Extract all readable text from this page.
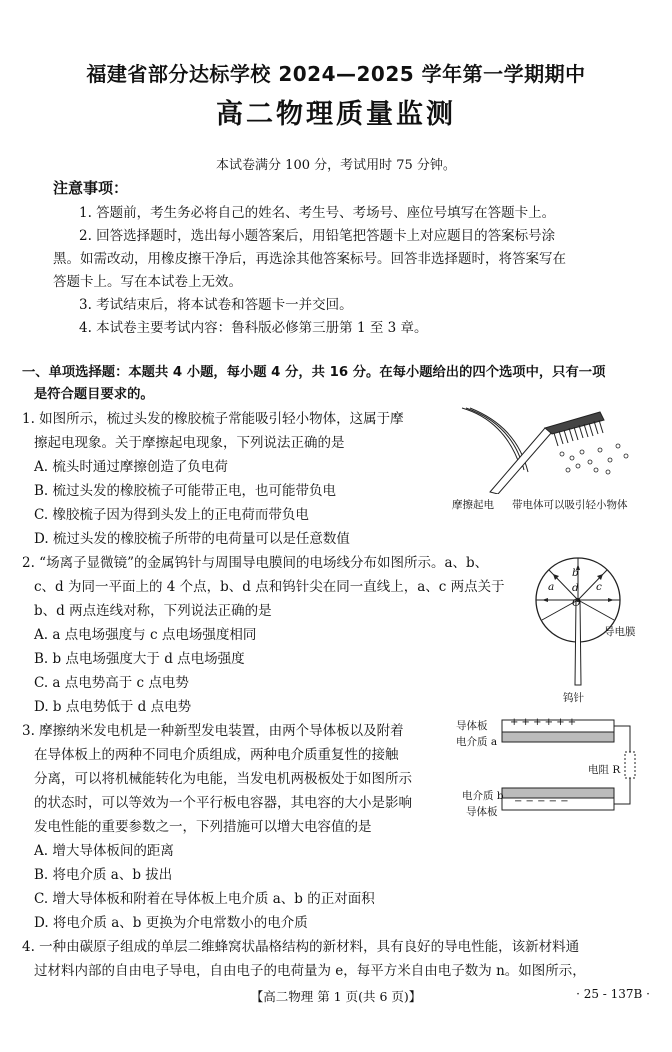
福建省部分达标学校 2024—2025 学年第一学期期中
高二物理质量监测
本试卷满分 100 分，考试用时 75 分钟。
注意事项：
1. 答题前，考生务必将自己的姓名、考生号、考场号、座位号填写在答题卡上。
2. 回答选择题时，选出每小题答案后，用铅笔把答题卡上对应题目的答案标号涂
黑。如需改动，用橡皮擦干净后，再选涂其他答案标号。回答非选择题时，将答案写在
答题卡上。写在本试卷上无效。
3. 考试结束后，将本试卷和答题卡一并交回。
4. 本试卷主要考试内容：鲁科版必修第三册第 1 至 3 章。
一、单项选择题：本题共 4 小题，每小题 4 分，共 16 分。在每小题给出的四个选项中，只有一项
是符合题目要求的。
1. 如图所示，梳过头发的橡胶梳子常能吸引轻小物体，这属于摩
擦起电现象。关于摩擦起电现象，下列说法正确的是
A. 梳头时通过摩擦创造了负电荷
B. 梳过头发的橡胶梳子可能带正电，也可能带负电
C. 橡胶梳子因为得到头发上的正电荷而带负电
D. 梳过头发的橡胶梳子所带的电荷量可以是任意数值
摩擦起电 带电体可以吸引轻小物体
2. “场离子显微镜”的金属钨针与周围导电膜间的电场线分布如图所示。a、b、
c、d 为同一平面上的 4 个点，b、d 点和钨针尖在同一直线上，a、c 两点关于
b、d 两点连线对称，下列说法正确的是
A. a 点电场强度与 c 点电场强度相同
B. b 点电场强度大于 d 点电场强度
C. a 点电势高于 c 点电势
D. b 点电势低于 d 点电势
a
b
c
d
O
导电膜
钨针
3. 摩擦纳米发电机是一种新型发电装置，由两个导体板以及附着
在导体板上的两种不同电介质组成，两种电介质重复性的接触
分离，可以将机械能转化为电能，当发电机两极板处于如图所示
的状态时，可以等效为一个平行板电容器，其电容的大小是影响
发电性能的重要参数之一，下列措施可以增大电容值的是
A. 增大导体板间的距离
B. 将电介质 a、b 拔出
C. 增大导体板和附着在导体板上电介质 a、b 的正对面积
D. 将电介质 a、b 更换为介电常数小的电介质
+ + + + + +
− − − − −
导体板
电介质 a
电阻 R
电介质 b
导体板
4. 一种由碳原子组成的单层二维蜂窝状晶格结构的新材料，具有良好的导电性能，该新材料通
过材料内部的自由电子导电，自由电子的电荷量为 e，每平方米自由电子数为 n。如图所示，
【高二物理 第 1 页(共 6 页)】	· 25 - 137B ·
